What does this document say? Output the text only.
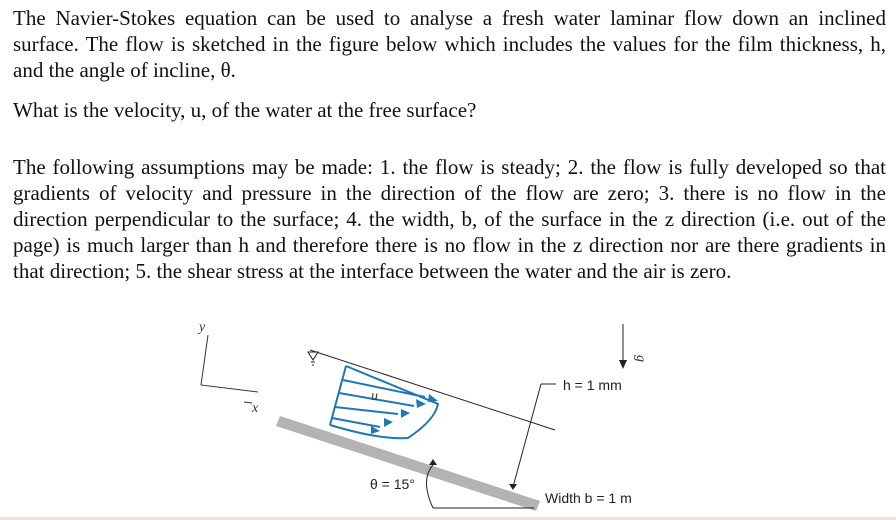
The Navier-Stokes equation can be used to analyse a fresh water laminar flow down an inclined surface. The flow is sketched in the figure below which includes the values for the film thickness, h, and the angle of incline, θ.

What is the velocity, u, of the water at the free surface?

The following assumptions may be made: 1. the flow is steady; 2. the flow is fully developed so that gradients of velocity and pressure in the direction of the flow are zero; 3. there is no flow in the direction perpendicular to the surface; 4. the width, b, of the surface in the z direction (i.e. out of the page) is much larger than h and therefore there is no flow in the z direction nor are there gradients in that direction; 5. the shear stress at the interface between the water and the air is zero.

y
x
u
g
h = 1 mm
θ = 15°
Width b = 1 m
